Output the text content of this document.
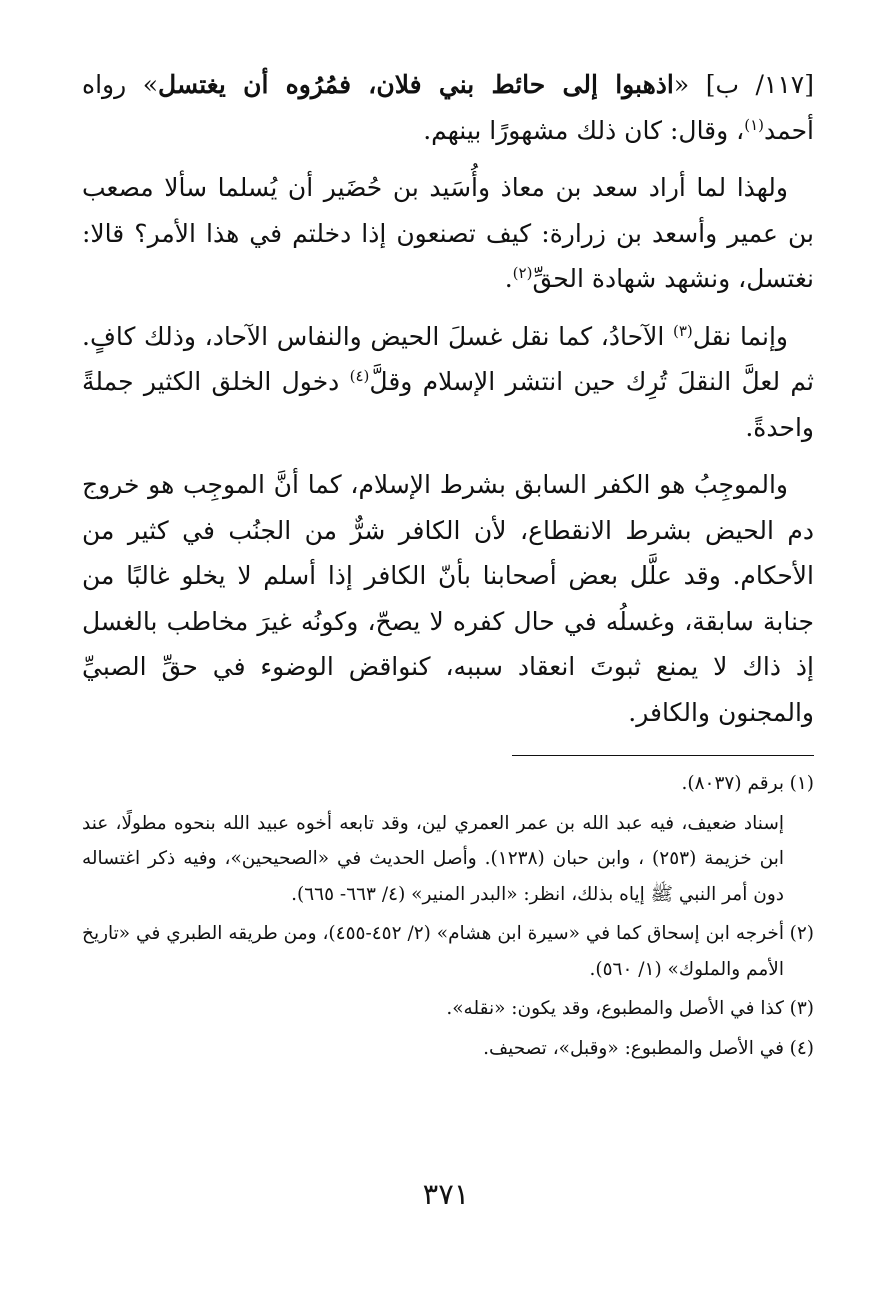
[١١٧/ ب] «اذهبوا إلى حائط بني فلان، فمُرُوه أن يغتسل» رواه أحمد$^{(١)}$، وقال: كان ذلك مشهورًا بينهم.

ولهذا لما أراد سعد بن معاذ وأُسَيد بن حُضَير أن يُسلما سألا مصعب بن عمير وأسعد بن زرارة: كيف تصنعون إذا دخلتم في هذا الأمر؟ قالا: نغتسل، ونشهد شهادة الحقِّ$^{(٢)}$.

وإنما نقل$^{(٣)}$ الآحادُ، كما نقل غسلَ الحيض والنفاس الآحاد، وذلك كافٍ. ثم لعلَّ النقلَ تُرِك حين انتشر الإسلام وقلَّ$^{(٤)}$ دخول الخلق الكثير جملةً واحدةً.

والموجِبُ هو الكفر السابق بشرط الإسلام، كما أنَّ الموجِب هو خروج دم الحيض بشرط الانقطاع، لأن الكافر شرٌّ من الجنُب في كثير من الأحكام. وقد علَّل بعض أصحابنا بأنّ الكافر إذا أسلم لا يخلو غالبًا من جنابة سابقة، وغسلُه في حال كفره لا يصحّ، وكونُه غيرَ مخاطب بالغسل إذ ذاك لا يمنع ثبوتَ انعقاد سببه، كنواقض الوضوء في حقِّ الصبيِّ والمجنون والكافر.

(١)
برقم (٨٠٣٧).
إسناد ضعيف، فيه عبد الله بن عمر العمري لين، وقد تابعه أخوه عبيد الله بنحوه مطولًا، عند ابن خزيمة (٢٥٣) ، وابن حبان (١٢٣٨). وأصل الحديث في «الصحيحين»، وفيه ذكر اغتساله دون أمر النبي ﷺ إياه بذلك، انظر: «البدر المنير» (٤/ ٦٦٣- ٦٦٥).
(٢)
أخرجه ابن إسحاق كما في «سيرة ابن هشام» (٢/ ٤٥٢-٤٥٥)، ومن طريقه الطبري في «تاريخ الأمم والملوك» (١/ ٥٦٠).
(٣)
كذا في الأصل والمطبوع، وقد يكون: «نقله».
(٤)
في الأصل والمطبوع: «وقبل»، تصحيف.
٣٧١
